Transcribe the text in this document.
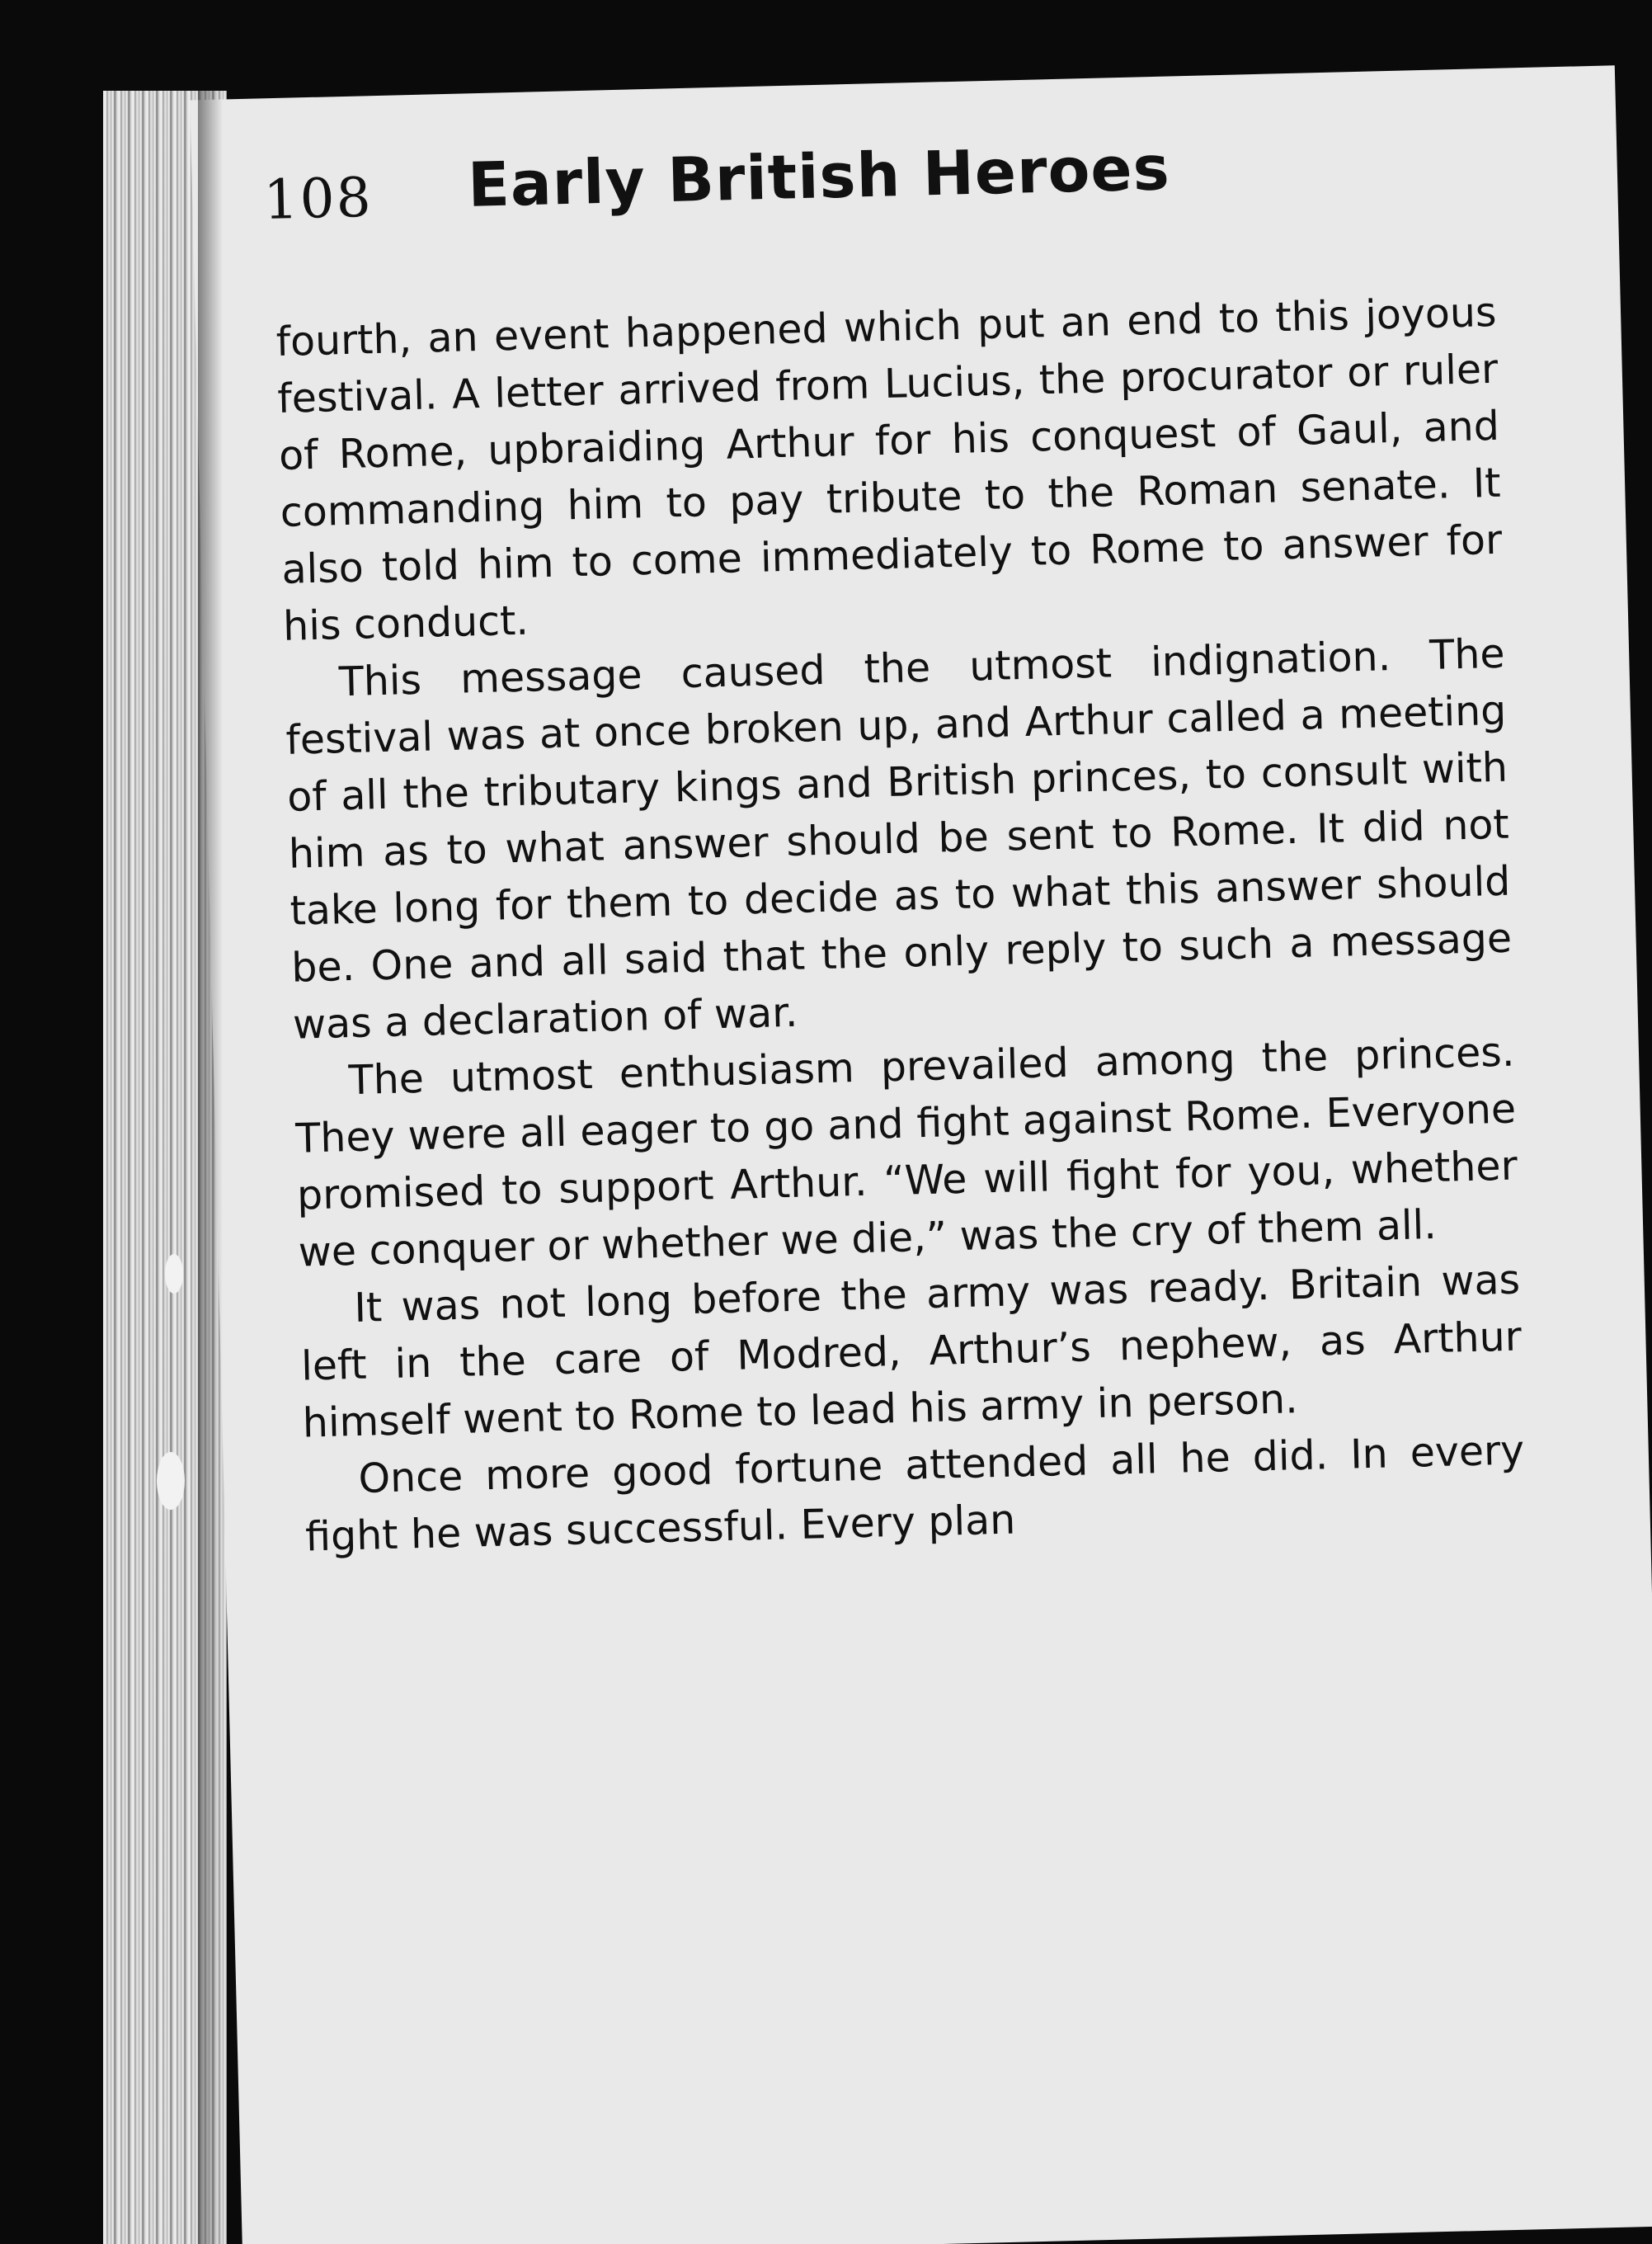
108 Early British Heroes

fourth, an event happened which put an end to this joyous festival. A letter arrived from Lucius, the procurator or ruler of Rome, upbraiding Arthur for his conquest of Gaul, and commanding him to pay tribute to the Roman senate. It also told him to come immediately to Rome to answer for his conduct.

This message caused the utmost indignation. The festival was at once broken up, and Arthur called a meeting of all the tributary kings and British princes, to consult with him as to what answer should be sent to Rome. It did not take long for them to decide as to what this answer should be. One and all said that the only reply to such a message was a declaration of war.

The utmost enthusiasm prevailed among the princes. They were all eager to go and fight against Rome. Everyone promised to support Arthur. “We will fight for you, whether we conquer or whether we die,” was the cry of them all.

It was not long before the army was ready. Britain was left in the care of Modred, Arthur’s nephew, as Arthur himself went to Rome to lead his army in person.

Once more good fortune attended all he did. In every fight he was successful. Every plan
